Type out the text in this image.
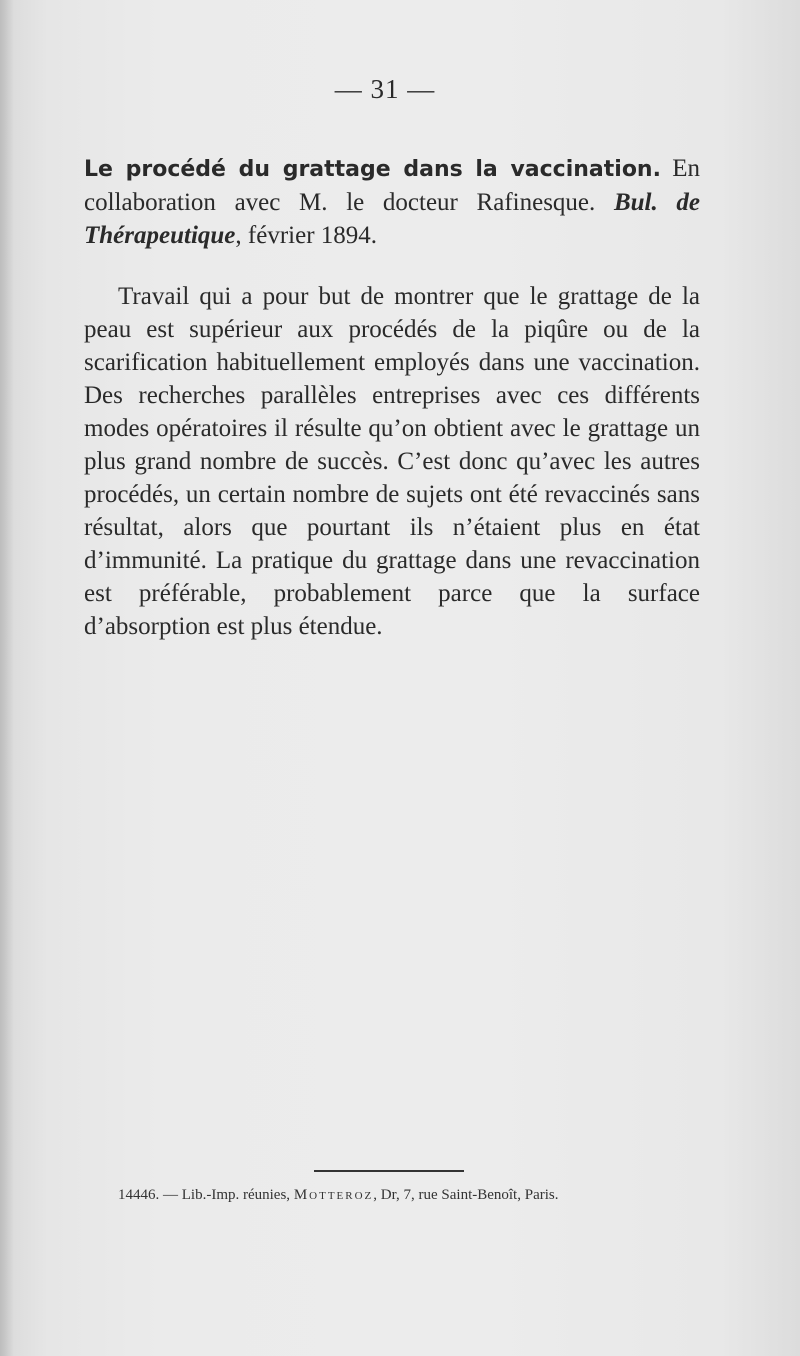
— 31 —

Le procédé du grattage dans la vaccination. En collaboration avec M. le docteur Rafinesque. Bul. de Thérapeutique, février 1894.

Travail qui a pour but de montrer que le grattage de la peau est supérieur aux procédés de la piqûre ou de la scarification habituellement employés dans une vaccination. Des recherches parallèles entreprises avec ces différents modes opératoires il résulte qu’on obtient avec le grattage un plus grand nombre de succès. C’est donc qu’avec les autres procédés, un certain nombre de sujets ont été revaccinés sans résultat, alors que pourtant ils n’étaient plus en état d’immunité. La pratique du grattage dans une revaccination est préférable, probablement parce que la surface d’absorption est plus étendue.

14446. — Lib.-Imp. réunies, Motteroz, Dr, 7, rue Saint-Benoît, Paris.
